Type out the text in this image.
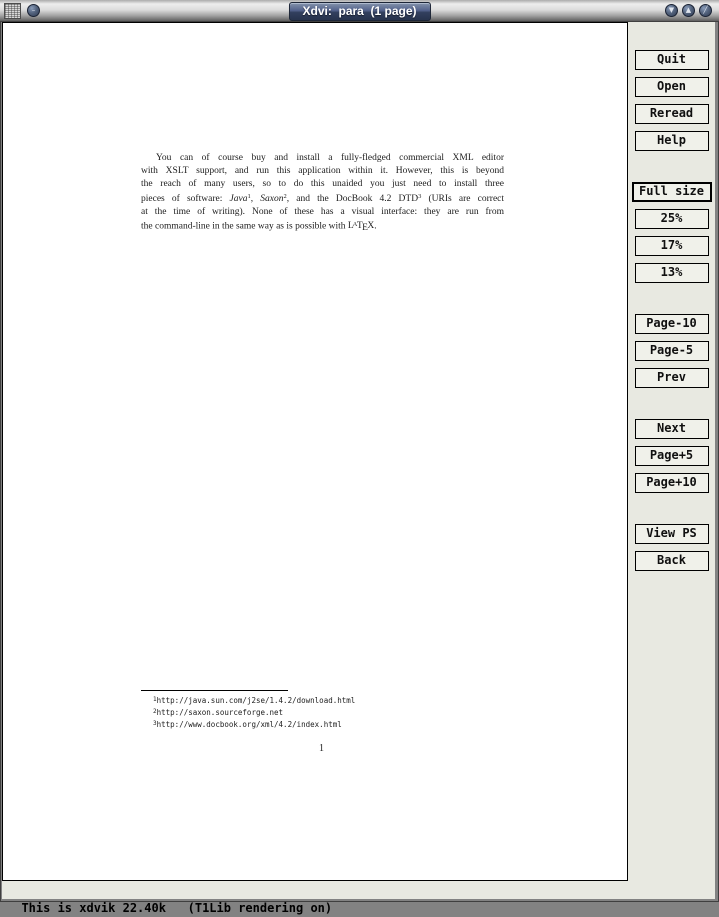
–	Xdvi:  para  (1 page)	▼	▲	╱
You can of course buy and install a fully-fledged commercial XML editor
with XSLT support, and run this application within it. However, this is beyond
the reach of many users, so to do this unaided you just need to install three
pieces of software: Java$^1$, Saxon$^2$, and the DocBook 4.2 DTD$^3$ (URIs are correct
at the time of writing). None of these has a visual interface: they are run from
the command-line in the same way as is possible with $L^ATEX$.
$^1$http://java.sun.com/j2se/1.4.2/download.html
$^2$http://saxon.sourceforge.net
$^3$http://www.docbook.org/xml/4.2/index.html
1
Quit
Open
Reread
Help
Full size
25%
17%
13%
Page-10
Page-5
Prev
Next
Page+5
Page+10
View PS
Back

This is xdvik 22.40k   (T1Lib rendering on)
